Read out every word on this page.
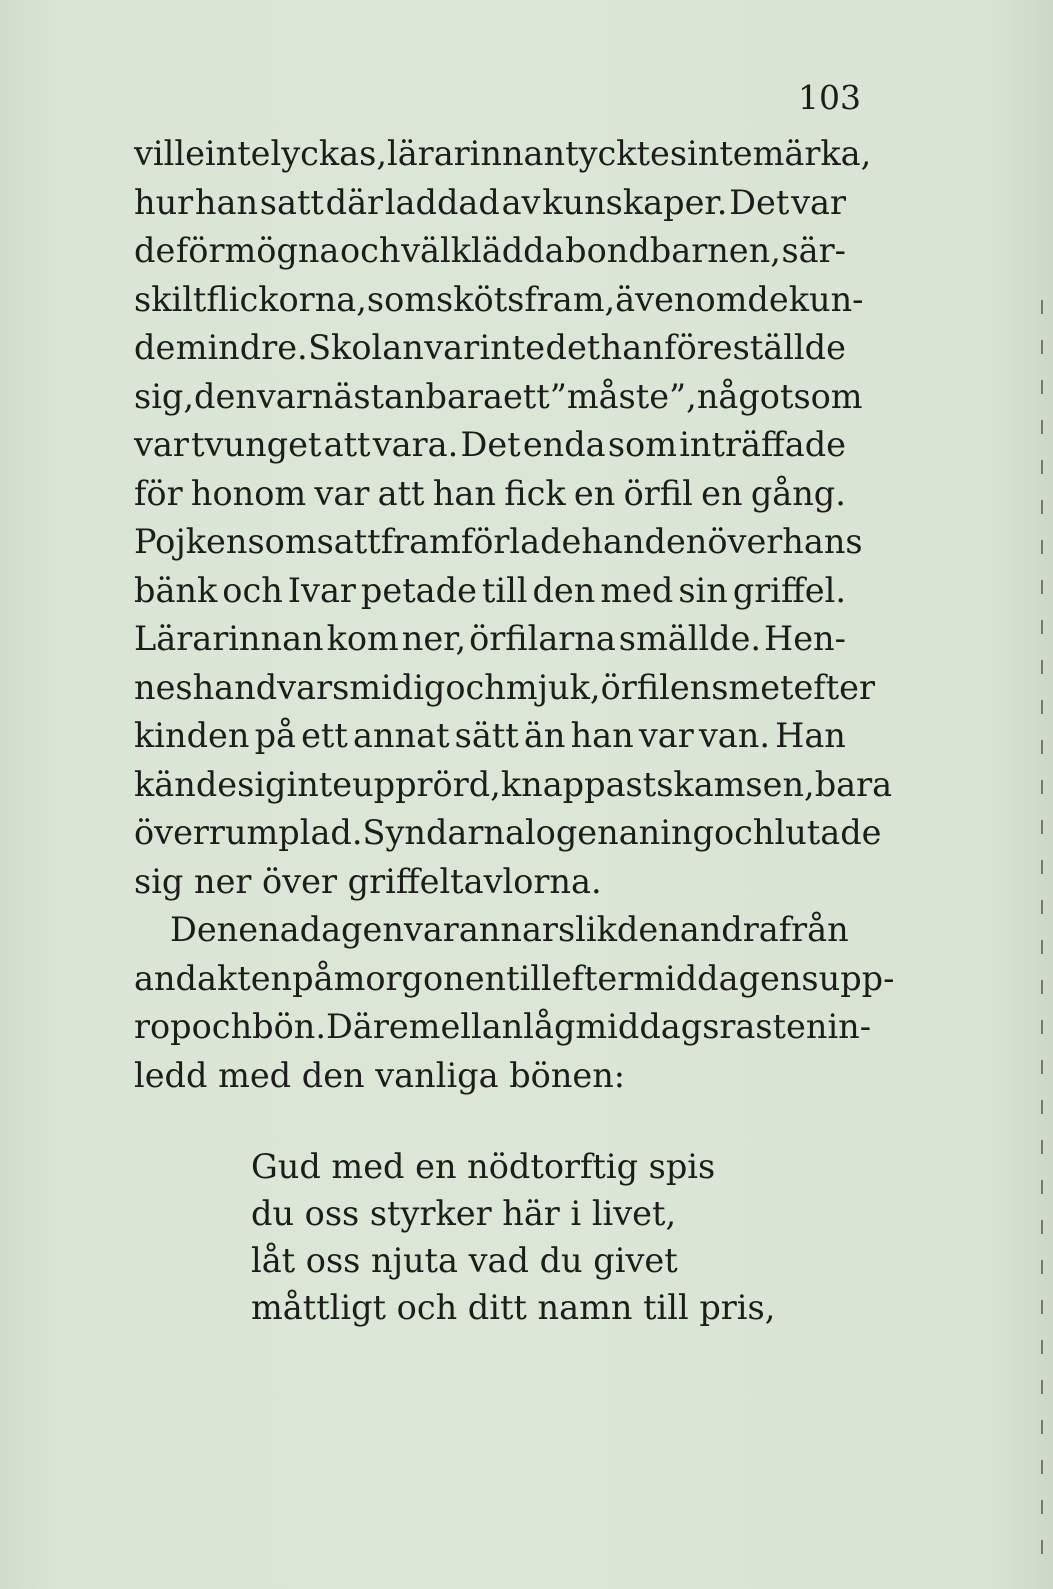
103
ville inte lyckas, lärarinnan tycktes inte märka,
hur han satt där laddad av kunskaper. Det var
de förmögna och välklädda bondbarnen, sär-
skilt flickorna, som sköts fram, även om de kun-
de mindre. Skolan var inte det han föreställde
sig, den var nästan bara ett ”måste”, något som
var tvunget att vara. Det enda som inträffade
för honom var att han fick en örfil en gång.
Pojken som satt framför lade handen över hans
bänk och Ivar petade till den med sin griffel.
Lärarinnan kom ner, örfilarna smällde. Hen-
nes hand var smidig och mjuk, örfilen smet efter
kinden på ett annat sätt än han var van. Han
kände sig inte upprörd, knappast skamsen, bara
överrumplad. Syndarna log en aning och lutade
sig ner över griffeltavlorna.
Den ena dagen var annars lik den andra från
andakten på morgonen till eftermiddagens upp-
rop och bön. Där emellan låg middagsrasten in-
ledd med den vanliga bönen:
Gud med en nödtorftig spis
du oss styrker här i livet,
låt oss njuta vad du givet
måttligt och ditt namn till pris,
